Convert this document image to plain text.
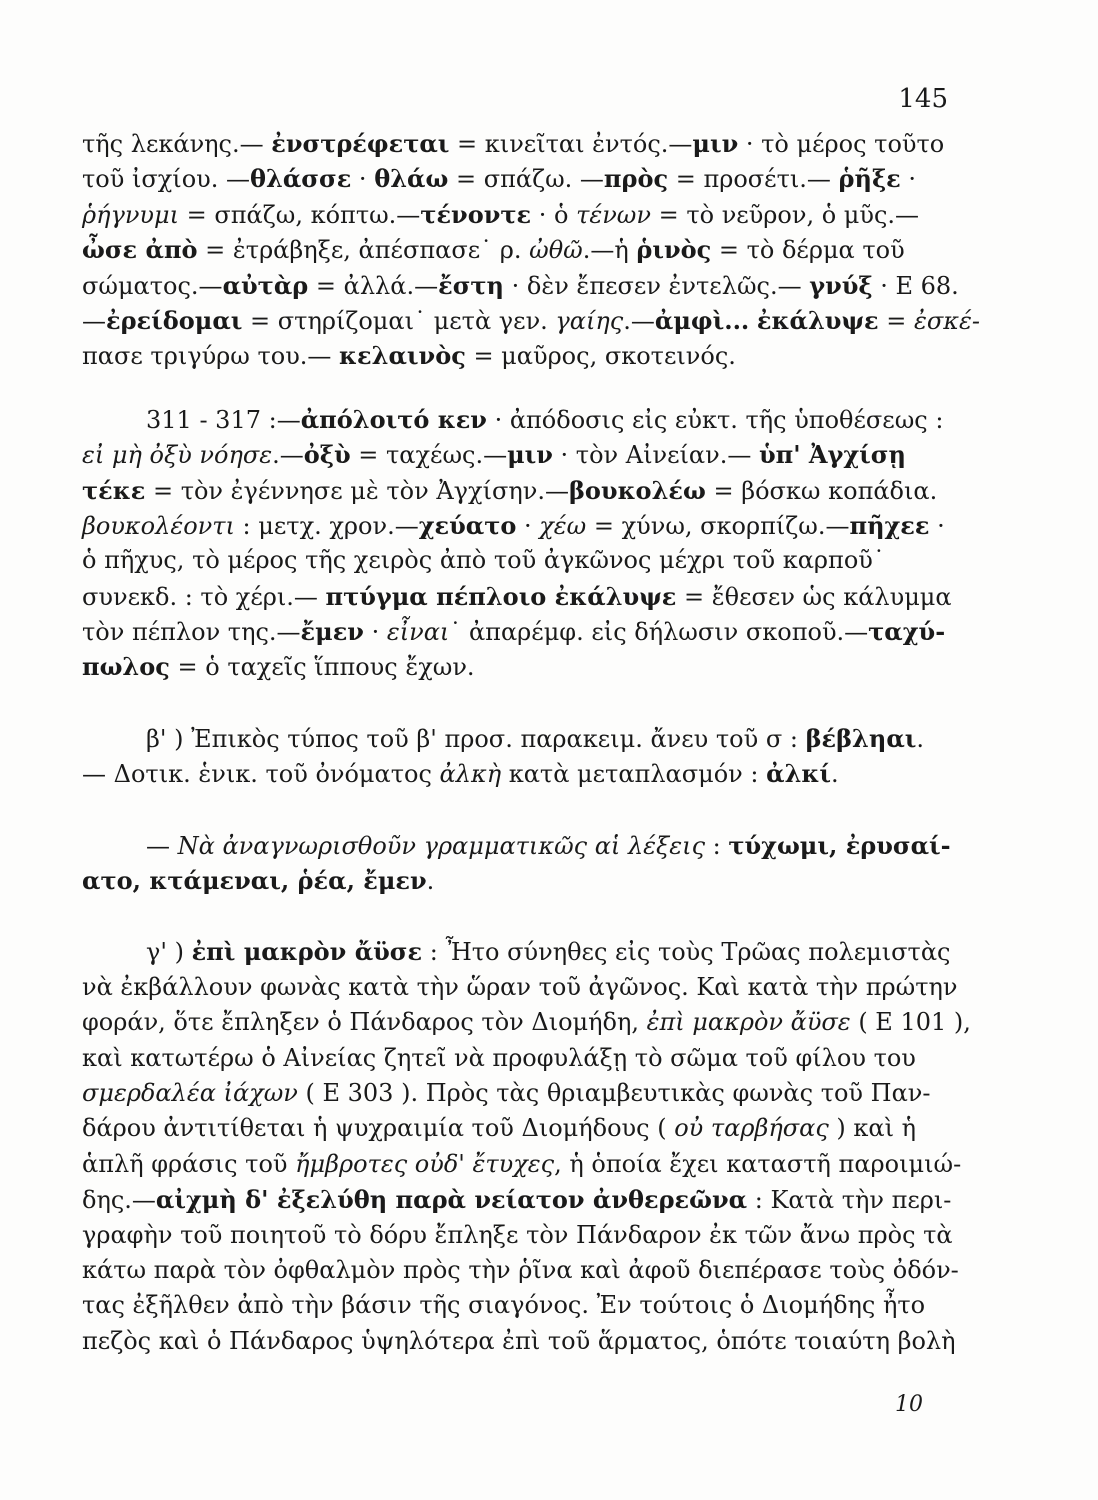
145
τῆς λεκάνης.— ἐνστρέφεται = κινεῖται ἐντός.—μιν · τὸ μέρος τοῦτο
τοῦ ἰσχίου. —θλάσσε · θλάω = σπάζω. —πρὸς = προσέτι.— ῥῆξε ·
ῥήγνυμι = σπάζω, κόπτω.—τένοντε · ὁ τένων = τὸ νεῦρον, ὁ μῦς.—
ὦσε ἀπὸ = ἐτράβηξε, ἀπέσπασε˙ ρ. ὠθῶ.—ἡ ῥινὸς = τὸ δέρμα τοῦ
σώματος.—αὐτὰρ = ἀλλά.—ἔστη · δὲν ἔπεσεν ἐντελῶς.— γνύξ · Ε 68.
—ἐρείδομαι = στηρίζομαι˙ μετὰ γεν. γαίης.—ἀμφὶ... ἐκάλυψε = ἐσκέ-
πασε τριγύρω του.— κελαινὸς = μαῦρος, σκοτεινός.
311 - 317 :—ἀπόλοιτό κεν · ἀπόδοσις εἰς εὐκτ. τῆς ὑποθέσεως :
εἰ μὴ ὀξὺ νόησε.—ὀξὺ = ταχέως.—μιν · τὸν Αἰνείαν.— ὑπ' Ἀγχίσῃ
τέκε = τὸν ἐγέννησε μὲ τὸν Ἀγχίσην.—βουκολέω = βόσκω κοπάδια.
βουκολέοντι : μετχ. χρον.—χεύατο · χέω = χύνω, σκορπίζω.—πῆχεε ·
ὁ πῆχυς, τὸ μέρος τῆς χειρὸς ἀπὸ τοῦ ἀγκῶνος μέχρι τοῦ καρποῦ˙
συνεκδ. : τὸ χέρι.— πτύγμα πέπλοιο ἐκάλυψε = ἔθεσεν ὡς κάλυμμα
τὸν πέπλον της.—ἔμεν · εἶναι˙ ἀπαρέμφ. εἰς δήλωσιν σκοποῦ.—ταχύ-
πωλος = ὁ ταχεῖς ἵππους ἔχων.
β' ) Ἐπικὸς τύπος τοῦ β' προσ. παρακειμ. ἄνευ τοῦ σ : βέβληαι.
— Δοτικ. ἑνικ. τοῦ ὀνόματος ἀλκὴ κατὰ μεταπλασμόν : ἀλκί.
— Νὰ ἀναγνωρισθοῦν γραμματικῶς αἱ λέξεις : τύχωμι, ἐρυσαί-
ατο, κτάμεναι, ῥέα, ἔμεν.
γ' ) ἐπὶ μακρὸν ἄϋσε : Ἦτο σύνηθες εἰς τοὺς Τρῶας πολεμιστὰς
νὰ ἐκβάλλουν φωνὰς κατὰ τὴν ὥραν τοῦ ἀγῶνος. Καὶ κατὰ τὴν πρώτην
φοράν, ὅτε ἔπληξεν ὁ Πάνδαρος τὸν Διομήδη, ἐπὶ μακρὸν ἄϋσε ( Ε 101 ),
καὶ κατωτέρω ὁ Αἰνείας ζητεῖ νὰ προφυλάξῃ τὸ σῶμα τοῦ φίλου του
σμερδαλέα ἰάχων ( Ε 303 ). Πρὸς τὰς θριαμβευτικὰς φωνὰς τοῦ Παν-
δάρου ἀντιτίθεται ἡ ψυχραιμία τοῦ Διομήδους ( οὐ ταρβήσας ) καὶ ἡ
ἁπλῆ φράσις τοῦ ἤμβροτες οὐδ' ἔτυχες, ἡ ὁποία ἔχει καταστῆ παροιμιώ-
δης.—αἰχμὴ δ' ἐξελύθη παρὰ νείατον ἀνθερεῶνα : Κατὰ τὴν περι-
γραφὴν τοῦ ποιητοῦ τὸ δόρυ ἔπληξε τὸν Πάνδαρον ἐκ τῶν ἄνω πρὸς τὰ
κάτω παρὰ τὸν ὀφθαλμὸν πρὸς τὴν ῥῖνα καὶ ἀφοῦ διεπέρασε τοὺς ὀδόν-
τας ἐξῆλθεν ἀπὸ τὴν βάσιν τῆς σιαγόνος. Ἐν τούτοις ὁ Διομήδης ἦτο
πεζὸς καὶ ὁ Πάνδαρος ὑψηλότερα ἐπὶ τοῦ ἅρματος, ὁπότε τοιαύτη βολὴ
10
